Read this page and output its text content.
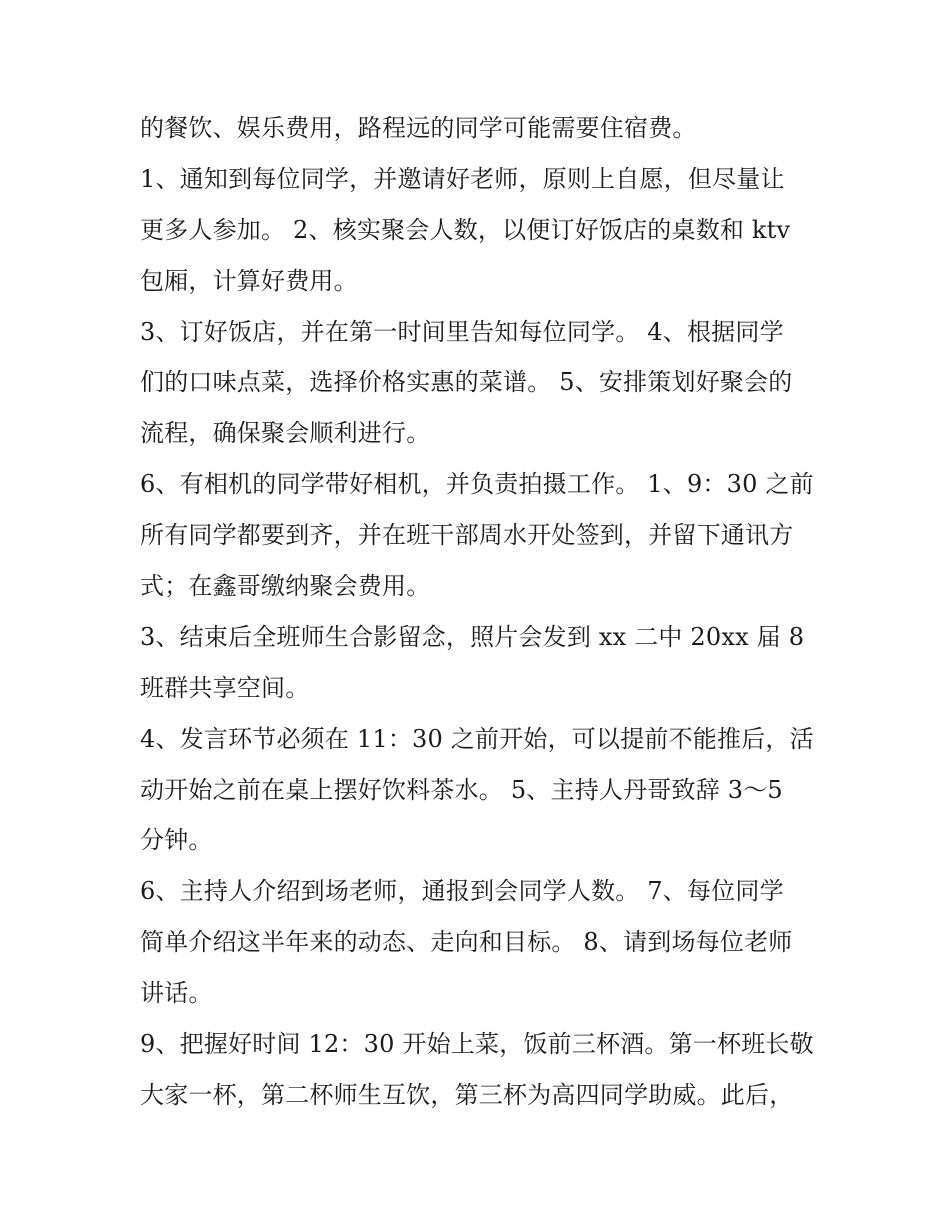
的餐饮、娱乐费用，路程远的同学可能需要住宿费。
1、通知到每位同学，并邀请好老师，原则上自愿，但尽量让
更多人参加。 2、核实聚会人数，以便订好饭店的桌数和 ktv
包厢，计算好费用。
3、订好饭店，并在第一时间里告知每位同学。 4、根据同学
们的口味点菜，选择价格实惠的菜谱。 5、安排策划好聚会的
流程，确保聚会顺利进行。
6、有相机的同学带好相机，并负责拍摄工作。 1、9：30 之前
所有同学都要到齐，并在班干部周水开处签到，并留下通讯方
式；在鑫哥缴纳聚会费用。
3、结束后全班师生合影留念，照片会发到 xx 二中 20xx 届 8
班群共享空间。
4、发言环节必须在 11：30 之前开始，可以提前不能推后，活
动开始之前在桌上摆好饮料茶水。 5、主持人丹哥致辞 3～5
分钟。
6、主持人介绍到场老师，通报到会同学人数。 7、每位同学
简单介绍这半年来的动态、走向和目标。 8、请到场每位老师
讲话。
9、把握好时间 12：30 开始上菜，饭前三杯酒。第一杯班长敬
大家一杯，第二杯师生互饮，第三杯为高四同学助威。此后，
